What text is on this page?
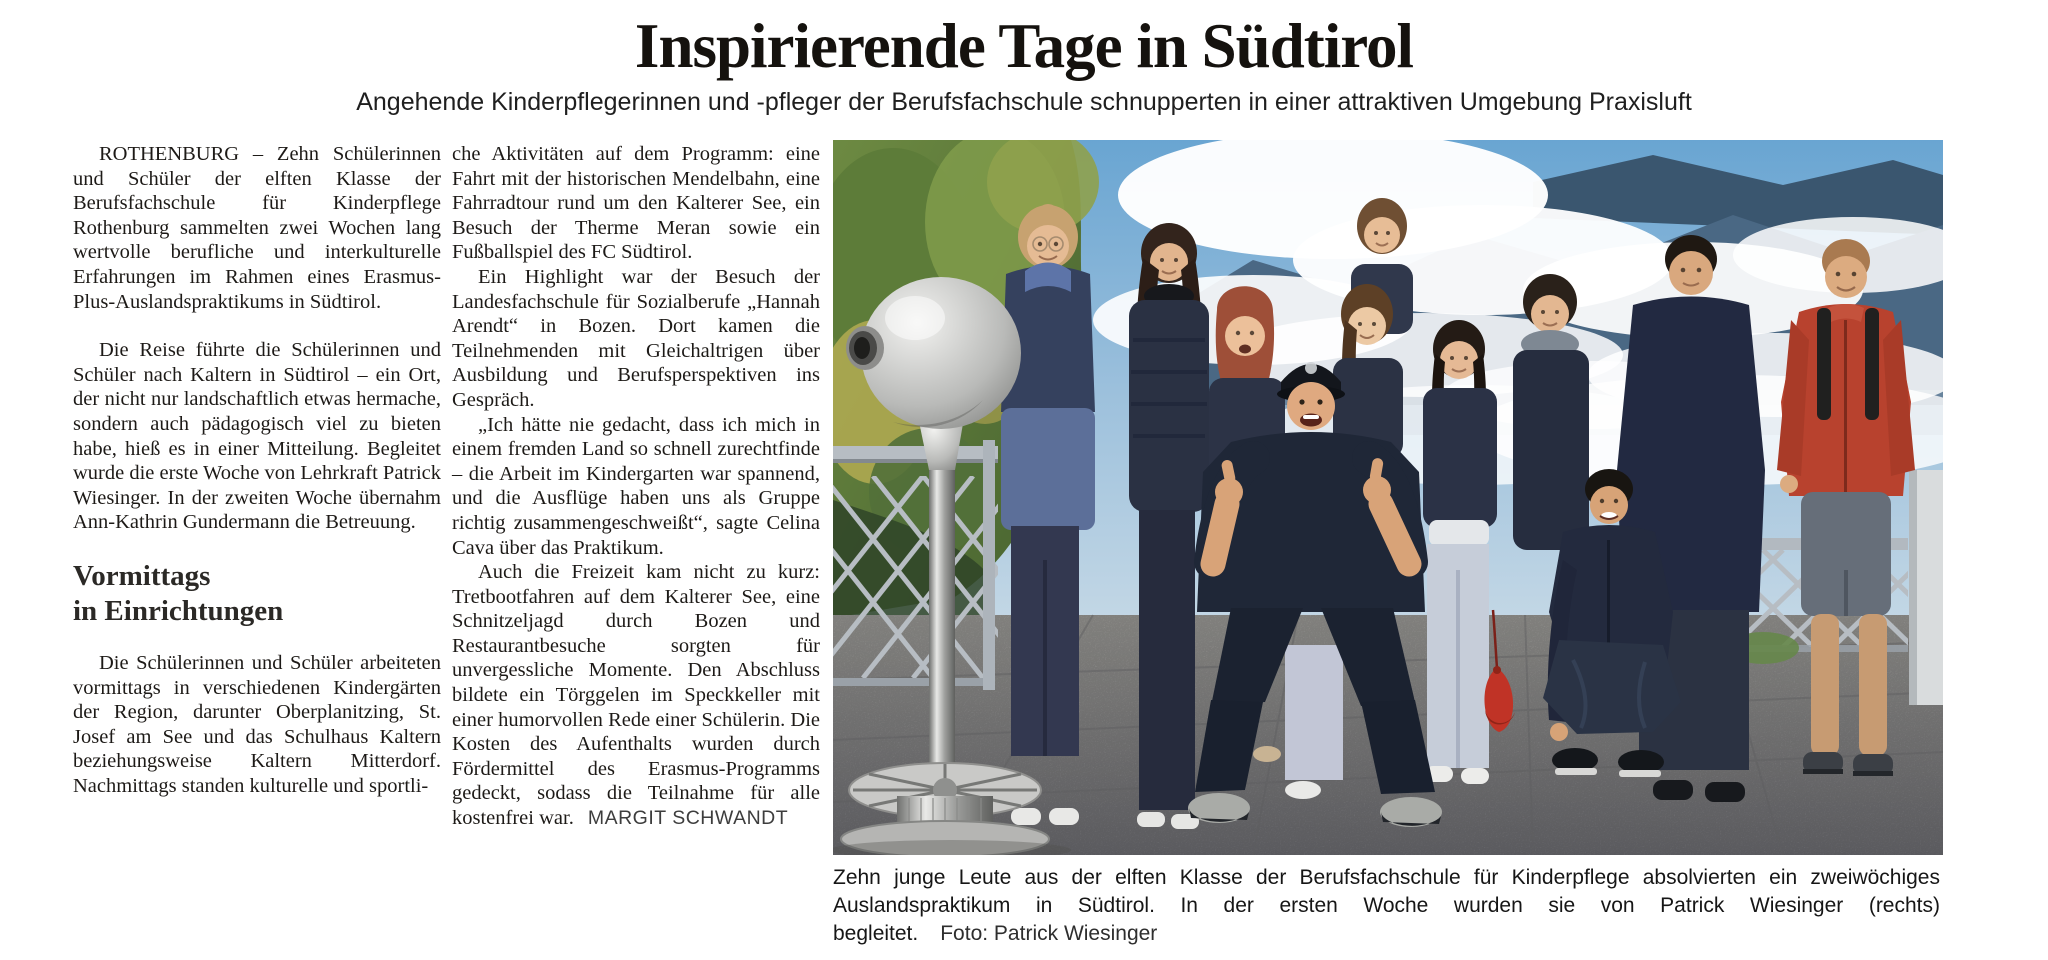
Inspirierende Tage in Südtirol

Angehende Kinderpflegerinnen und -pfleger der Berufsfachschule schnupperten in einer attraktiven Umgebung Praxisluft

ROTHENBURG – Zehn Schülerinnen und Schüler der elften Klasse der Berufsfachschule für Kinderpflege Rothenburg sammelten zwei Wochen lang wertvolle berufliche und interkulturelle Erfahrungen im Rahmen eines Erasmus-Plus-Auslandspraktikums in Südtirol.

Die Reise führte die Schülerinnen und Schüler nach Kaltern in Südtirol – ein Ort, der nicht nur landschaftlich etwas hermache, sondern auch pädagogisch viel zu bieten habe, hieß es in einer Mitteilung. Begleitet wurde die erste Woche von Lehrkraft Patrick Wiesinger. In der zweiten Woche übernahm Ann-Kathrin Gundermann die Betreuung.

Vormittags
in Einrichtungen

Die Schülerinnen und Schüler arbeiteten vormittags in verschiedenen Kindergärten der Region, darunter Oberplanitzing, St. Josef am See und das Schulhaus Kaltern beziehungsweise Kaltern Mitterdorf. Nachmittags standen kulturelle und sportli-

che Aktivitäten auf dem Programm: eine Fahrt mit der historischen Mendelbahn, eine Fahrradtour rund um den Kalterer See, ein Besuch der Therme Meran sowie ein Fußballspiel des FC Südtirol.

Ein Highlight war der Besuch der Landesfachschule für Sozialberufe „Hannah Arendt“ in Bozen. Dort kamen die Teilnehmenden mit Gleichaltrigen über Ausbildung und Berufsperspektiven ins Gespräch.

„Ich hätte nie gedacht, dass ich mich in einem fremden Land so schnell zurechtfinde – die Arbeit im Kindergarten war spannend, und die Ausflüge haben uns als Gruppe richtig zusammengeschweißt“, sagte Celina Cava über das Praktikum.

Auch die Freizeit kam nicht zu kurz: Tretbootfahren auf dem Kalterer See, eine Schnitzeljagd durch Bozen und Restaurantbesuche sorgten für unvergessliche Momente. Den Abschluss bildete ein Törggelen im Speckkeller mit einer humorvollen Rede einer Schülerin. Die Kosten des Aufenthalts wurden durch Fördermittel des Erasmus-Programms gedeckt, sodass die Teilnahme für alle kostenfrei war. MARGIT SCHWANDT

Zehn junge Leute aus der elften Klasse der Berufsfachschule für Kinderpflege absolvierten ein zweiwöchiges Auslandspraktikum in Südtirol. In der ersten Woche wurden sie von Patrick Wiesinger (rechts) begleitet. Foto: Patrick Wiesinger
